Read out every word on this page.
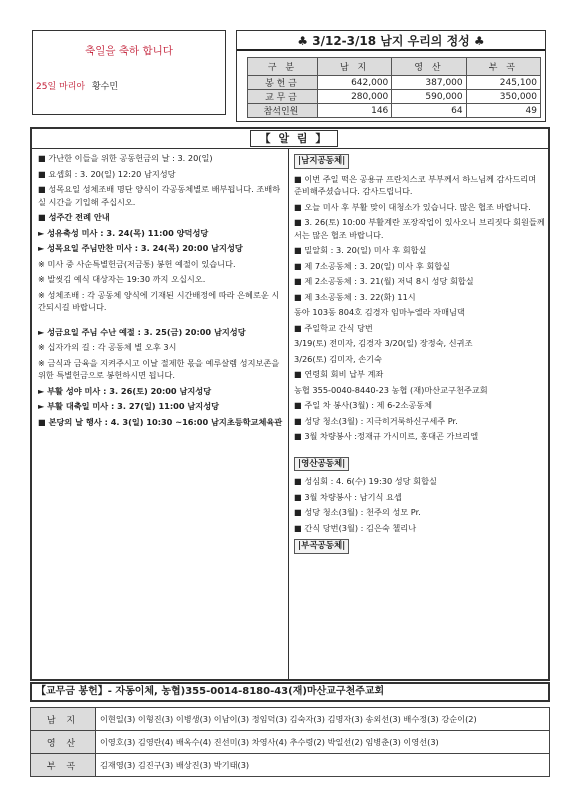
축일을 축하 합니다
25일 마리아 황수민
♣ 3/12-3/18 남지 우리의 정성 ♣
구 분	남 지	영 산	부 곡
봉 헌 금	642,000	387,000	245,100
교 무 금	280,000	590,000	350,000
참석인원	146	64	49
【 알 림 】

■ 가난한 이들을 위한 공동헌금의 날 : 3. 20(일)

■ 요셉회 : 3. 20(일) 12:20 남지성당

■ 성목요일 성체조배 명단 양식이 각공동체별로 배부됩니다. 조배하실 시간을 기입해 주십시오.

■ 성주간 전례 안내

► 성유축성 미사 : 3. 24(목) 11:00 양덕성당

► 성목요일 주님만찬 미사 : 3. 24(목) 20:00 남지성당

※ 미사 중 사순특별헌금(저금통) 봉헌 예절이 있습니다.

※ 발씻김 예식 대상자는 19:30 까지 오십시오.

※ 성체조배 : 각 공동체 양식에 기재된 시간배정에 따라 은혜로운 시간되시길 바랍니다.

► 성금요일 주님 수난 예절 : 3. 25(금) 20:00 남지성당

※ 십자가의 길 : 각 공동체 별 오후 3시

※ 금식과 금육을 지켜주시고 이날 절제한 몫을 예루살렘 성지보존을 위한 특별헌금으로 봉헌하시면 됩니다.

► 부활 성야 미사 : 3. 26(토) 20:00 남지성당

► 부활 대축일 미사 : 3. 27(일) 11:00 남지성당

■ 본당의 날 행사 : 4. 3(일) 10:30 ~16:00 남지초등학교체육관

|남지공동체|

■ 이번 주일 떡은 공용규 프란치스코 부부께서 하느님께 감사드리며 준비해주셨습니다. 감사드립니다.

■ 오늘 미사 후 부활 맞이 대청소가 있습니다. 많은 협조 바랍니다.

■ 3. 26(토) 10:00 부활계란 포장작업이 있사오니 브리짓다 회원들께서는 많은 협조 바랍니다.

■ 밀알회 : 3. 20(일) 미사 후 회합실

■ 제 7소공동체 : 3. 20(일) 미사 후 회합실

■ 제 2소공동체 : 3. 21(월) 저녁 8시 성당 회합실

■ 제 3소공동체 : 3. 22(화) 11시

동아 103동 804호 김경자 임마누엘라 자매님댁

■ 주일학교 간식 당번

3/19(토) 전미자, 김경자 3/20(일) 장정숙, 신귀조

3/26(토) 김미자, 손기숙

■ 연령회 회비 납부 계좌

농협 355-0040-8440-23 농협 (재)마산교구천주교회

■ 주일 차 봉사(3월) : 제 6-2소공동체

■ 성당 청소(3월) : 지극히거룩하신구세주 Pr.

■ 3월 차량봉사 :정재규 가시미르, 홍대곤 가브리엘

|영산공동체|

■ 성심회 : 4. 6(수) 19:30 성당 회합실

■ 3월 차량봉사 : 남기식 요셉

■ 성당 청소(3월) : 천주의 성모 Pr.

■ 간식 당번(3월) : 김은숙 첼리나

|부곡공동체|
【교무금 봉헌】- 자동이체, 농협)355-0014-8180-43(재)마산교구천주교회
남 지	이현일(3) 이형진(3) 이병생(3) 이남이(3) 정임덕(3) 김숙자(3) 김명자(3) 송외선(3) 배수정(3) 강순이(2)
영 산	이영호(3) 김영란(4) 배옥수(4) 진선미(3) 차영사(4) 추수령(2) 박일선(2) 임병춘(3) 이영선(3)
부 곡	김재영(3) 김진구(3) 배상진(3) 박기태(3)
